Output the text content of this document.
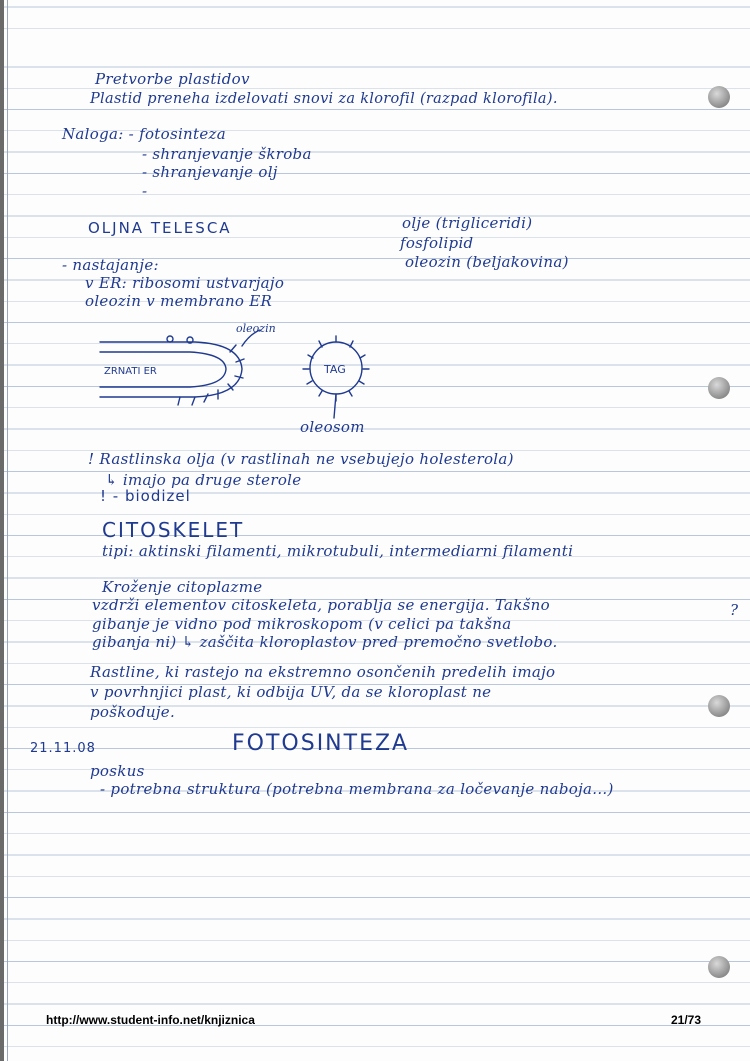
Pretvorbe plastidov

Plastid preneha izdelovati snovi za klorofil (razpad klorofila).

Naloga: - fotosinteza

- shranjevanje škroba

- shranjevanje olj

-

OLJNA TELESCA	olje (trigliceridi)

fosfolipid

oleozin (beljakovina)

- nastajanje:

v ER: ribosomi ustvarjajo

oleozin v membrano ER

oleozin
ZRNATI ER	TAG

oleosom

! Rastlinska olja (v rastlinah ne vsebujejo holesterola)

↳ imajo pa druge sterole

! - biodizel

CITOSKELET

tipi: aktinski filamenti, mikrotubuli, intermediarni filamenti

Kroženje citoplazme

vzdrži elementov citoskeleta, porablja se energija. Takšno

gibanje je vidno pod mikroskopom (v celici pa takšna

gibanja ni) ↳ zaščita kloroplastov pred premočno svetlobo.

?

Rastline, ki rastejo na ekstremno osončenih predelih imajo

v povrhnjici plast, ki odbija UV, da se kloroplast ne

poškoduje.

21.11.08	FOTOSINTEZA

poskus

- potrebna struktura (potrebna membrana za ločevanje naboja...)

http://www.student-info.net/knjiznica	21/73
